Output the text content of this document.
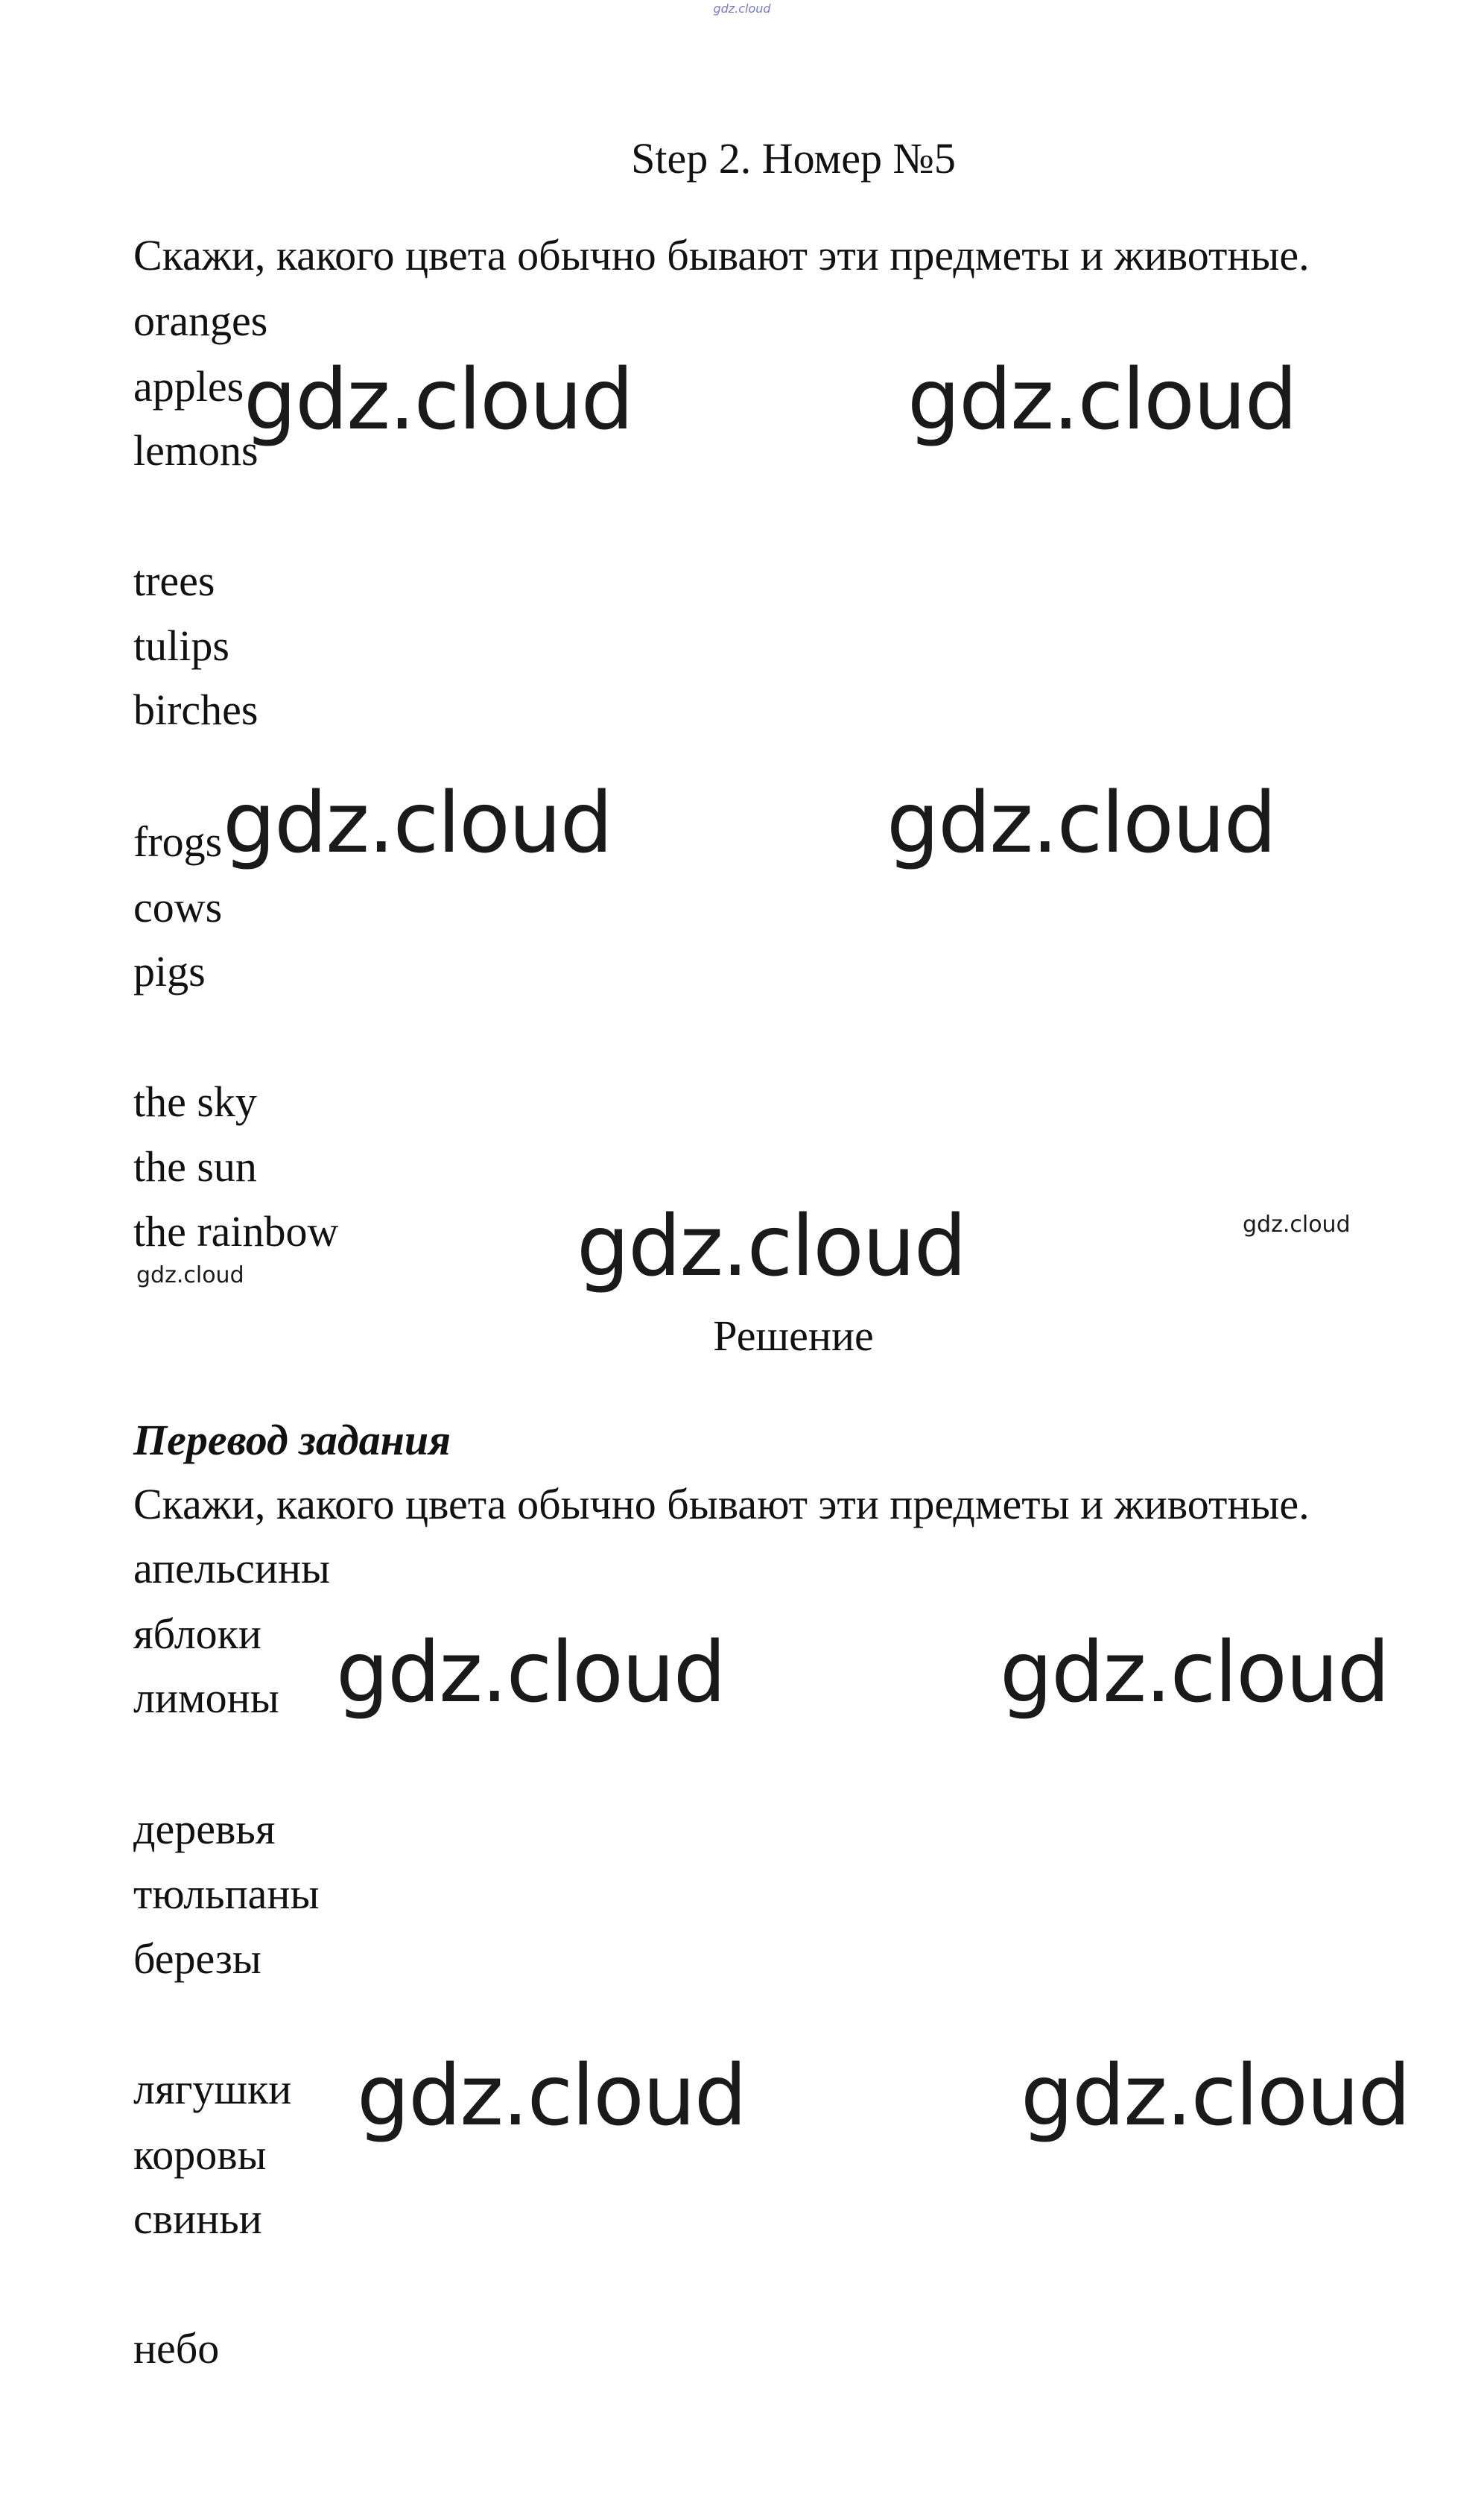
gdz.cloud
Step 2. Номер №5
Скажи, какого цвета обычно бывают эти предметы и животные.
oranges
apples
lemons
trees
tulips
birches
frogs
cows
pigs
the sky
the sun
the rainbow
Решение
Перевод задания
Скажи, какого цвета обычно бывают эти предметы и животные.
апельсины
яблоки
лимоны
деревья
тюльпаны
березы
лягушки
коровы
свиньи
небо
gdz.cloud	gdz.cloud
gdz.cloud	gdz.cloud
gdz.cloud	gdz.cloud
gdz.cloud
gdz.cloud	gdz.cloud
gdz.cloud	gdz.cloud
